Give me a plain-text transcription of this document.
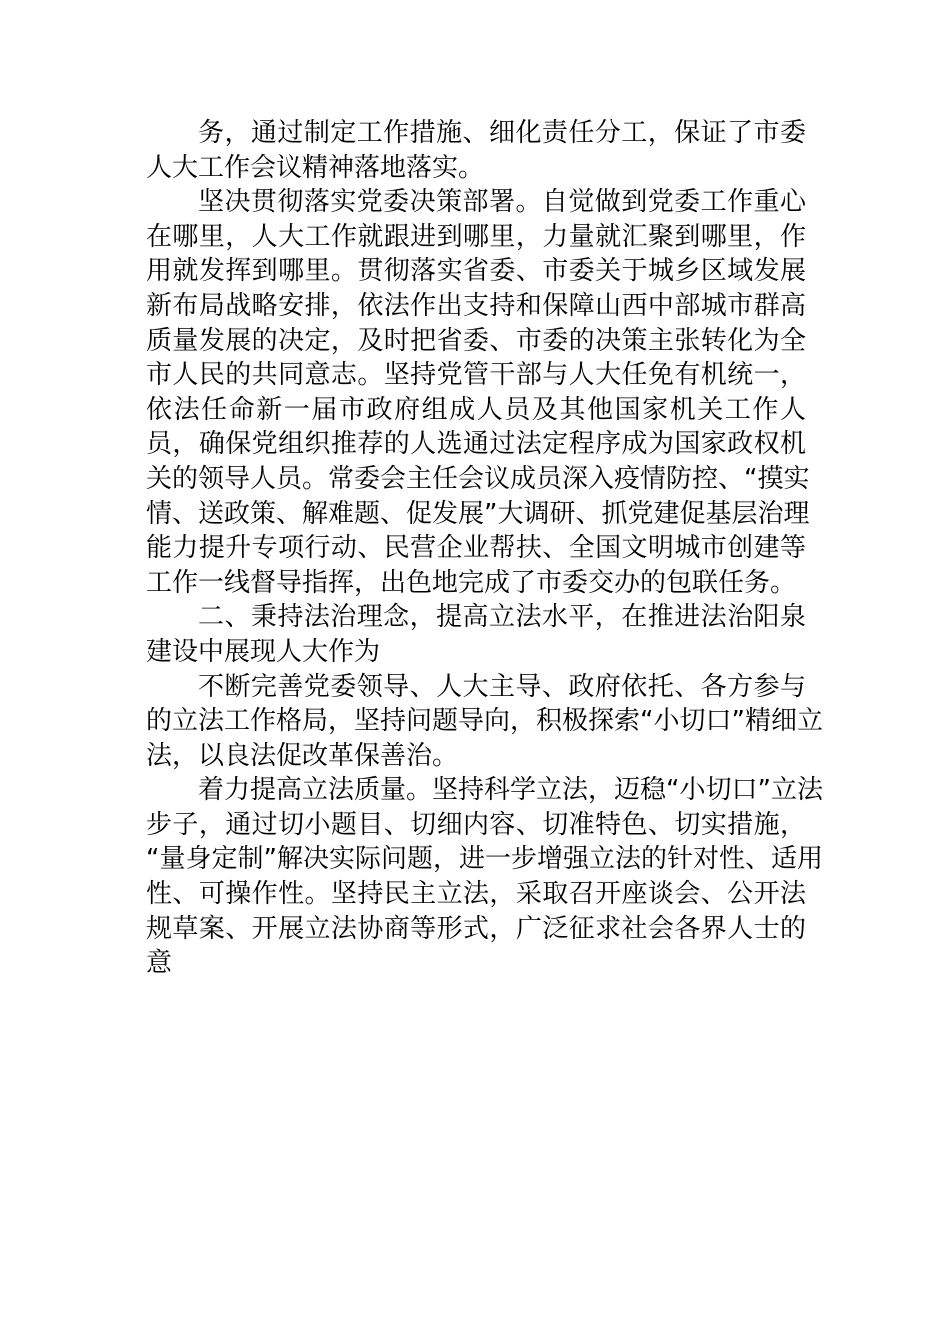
务，通过制定工作措施、细化责任分工，保证了市委
人大工作会议精神落地落实。
坚决贯彻落实党委决策部署。自觉做到党委工作重心
在哪里，人大工作就跟进到哪里，力量就汇聚到哪里，作
用就发挥到哪里。贯彻落实省委、市委关于城乡区域发展
新布局战略安排，依法作出支持和保障山西中部城市群高
质量发展的决定，及时把省委、市委的决策主张转化为全
市人民的共同意志。坚持党管干部与人大任免有机统一，
依法任命新一届市政府组成人员及其他国家机关工作人
员，确保党组织推荐的人选通过法定程序成为国家政权机
关的领导人员。常委会主任会议成员深入疫情防控、“摸实
情、送政策、解难题、促发展”大调研、抓党建促基层治理
能力提升专项行动、民营企业帮扶、全国文明城市创建等
工作一线督导指挥，出色地完成了市委交办的包联任务。
二、秉持法治理念，提高立法水平，在推进法治阳泉
建设中展现人大作为
不断完善党委领导、人大主导、政府依托、各方参与
的立法工作格局，坚持问题导向，积极探索“小切口”精细立
法，以良法促改革保善治。
着力提高立法质量。坚持科学立法，迈稳“小切口”立法
步子，通过切小题目、切细内容、切准特色、切实措施，
“量身定制”解决实际问题，进一步增强立法的针对性、适用
性、可操作性。坚持民主立法，采取召开座谈会、公开法
规草案、开展立法协商等形式，广泛征求社会各界人士的
意
